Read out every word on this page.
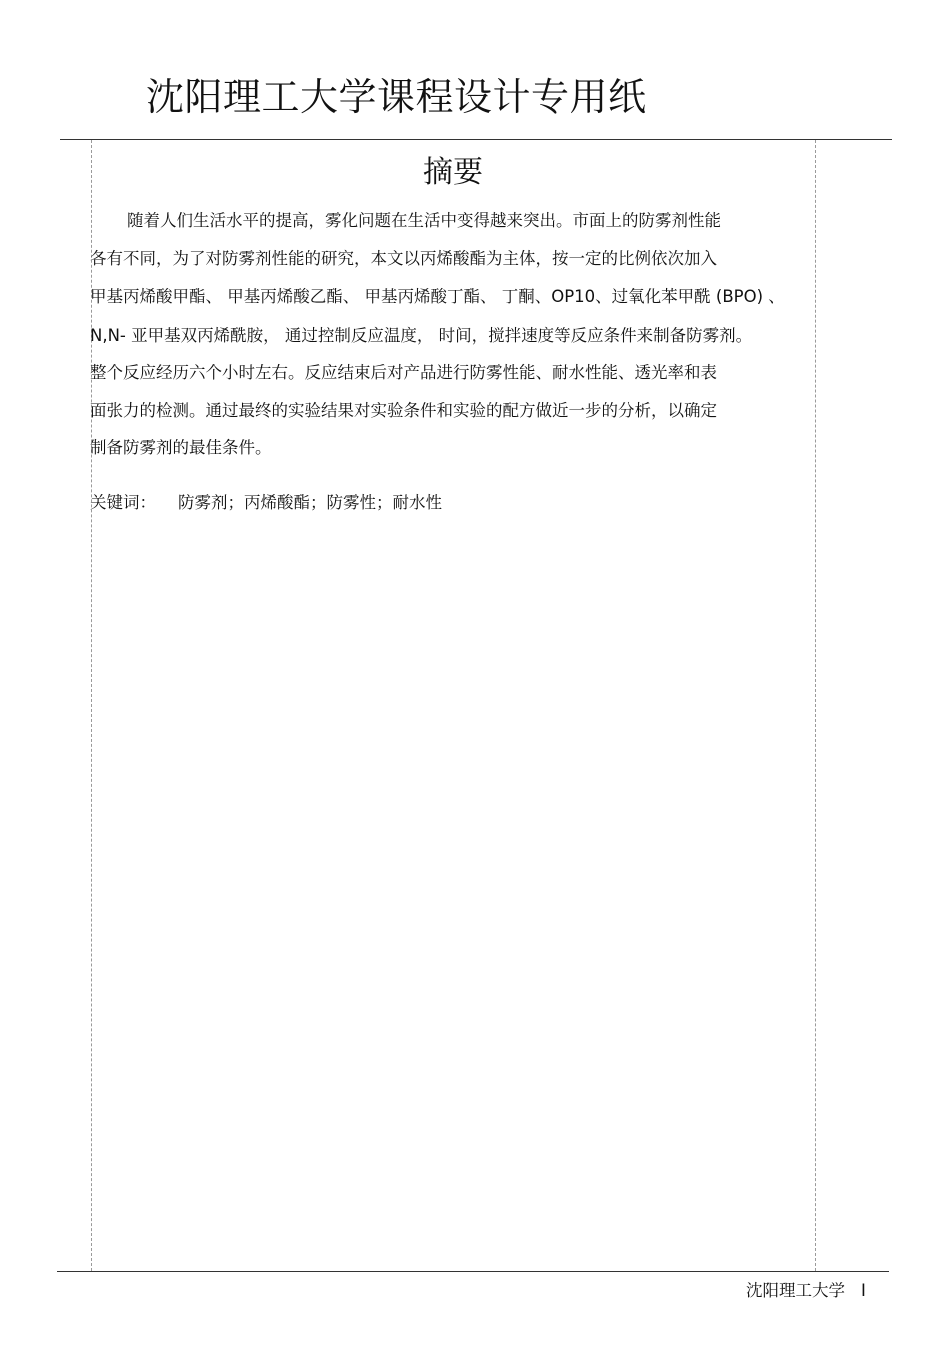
沈阳理工大学课程设计专用纸
摘要
随着人们生活水平的提高，雾化问题在生活中变得越来突出。市面上的防雾剂性能
各有不同，为了对防雾剂性能的研究，本文以丙烯酸酯为主体，按一定的比例依次加入
甲基丙烯酸甲酯、 甲基丙烯酸乙酯、 甲基丙烯酸丁酯、 丁酮、OP10、过氧化苯甲酰 (BPO) 、
N,N- 亚甲基双丙烯酰胺， 通过控制反应温度， 时间，搅拌速度等反应条件来制备防雾剂。
整个反应经历六个小时左右。反应结束后对产品进行防雾性能、耐水性能、透光率和表
面张力的检测。通过最终的实验结果对实验条件和实验的配方做近一步的分析，以确定
制备防雾剂的最佳条件。
关键词： 防雾剂；丙烯酸酯；防雾性；耐水性
沈阳理工大学 I
